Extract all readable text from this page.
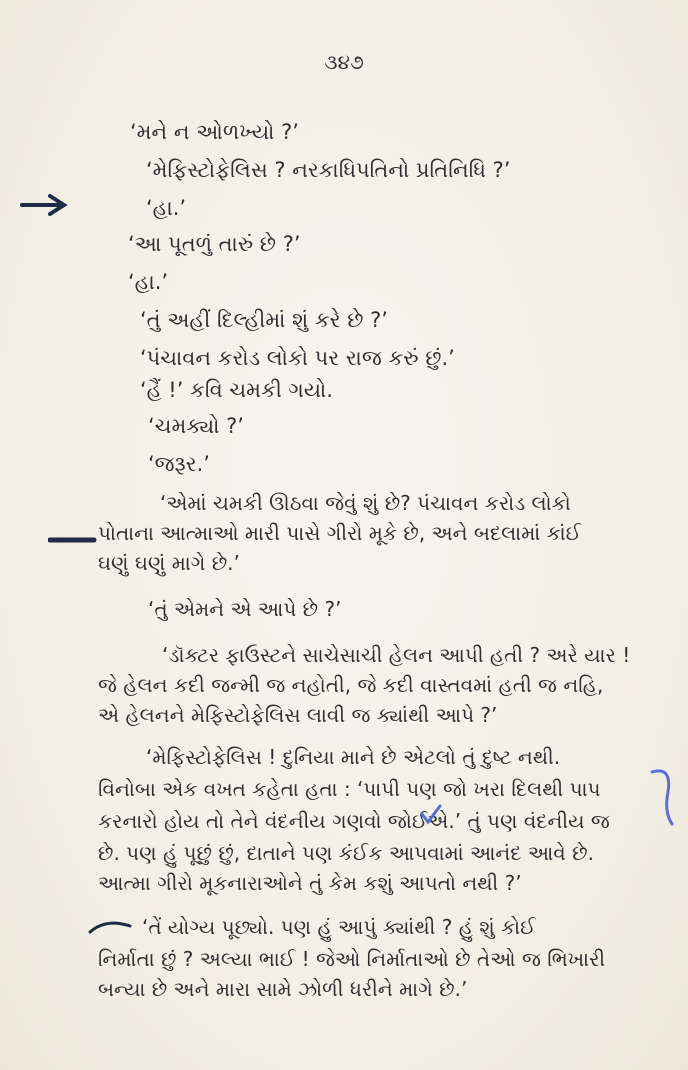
૩૪૭
‘મને ન ઓળખ્યો ?’
‘મેફિસ્ટોફેલિસ ? નરકાધિપતિનો પ્રતિનિધિ ?’
‘હા.’
‘આ પૂતળું તારું છે ?’
‘હા.’
‘તું અહીં દિલ્હીમાં શું કરે છે ?’
‘પંચાવન કરોડ લોકો પર રાજ કરું છું.’
‘હૈં !’ કવિ ચમકી ગયો.
‘ચમક્યો ?’
‘જરૂર.’
‘એમાં ચમકી ઊઠવા જેવું શું છે? પંચાવન કરોડ લોકો
પોતાના આત્માઓ મારી પાસે ગીરો મૂકે છે, અને બદલામાં કાંઈ
ઘણું ઘણું માગે છે.’
‘તું એમને એ આપે છે ?’
‘ડૉક્ટર ફાઉસ્ટને સાચેસાચી હેલન આપી હતી ? અરે યાર !
જે હેલન કદી જન્મી જ નહોતી, જે કદી વાસ્તવમાં હતી જ નહિ,
એ હેલનને મેફિસ્ટોફેલિસ લાવી જ ક્યાંથી આપે ?’
‘મેફિસ્ટોફેલિસ ! દુનિયા માને છે એટલો તું દુષ્ટ નથી.
વિનોબા એક વખત કહેતા હતા : ‘પાપી પણ જો ખરા દિલથી પાપ
કરનારો હોય તો તેને વંદનીય ગણવો જોઈએ.’ તું પણ વંદનીય જ
છે. પણ હું પૂછું છું, દાતાને પણ કંઈક આપવામાં આનંદ આવે છે.
આત્મા ગીરો મૂકનારાઓને તું કેમ કશું આપતો નથી ?’
‘તેં યોગ્ય પૂછ્યો. પણ હું આપું ક્યાંથી ? હું શું કોઈ
નિર્માતા છું ? અલ્યા ભાઈ ! જેઓ નિર્માતાઓ છે તેઓ જ ભિખારી
બન્યા છે અને મારા સામે ઝોળી ધરીને માગે છે.’
